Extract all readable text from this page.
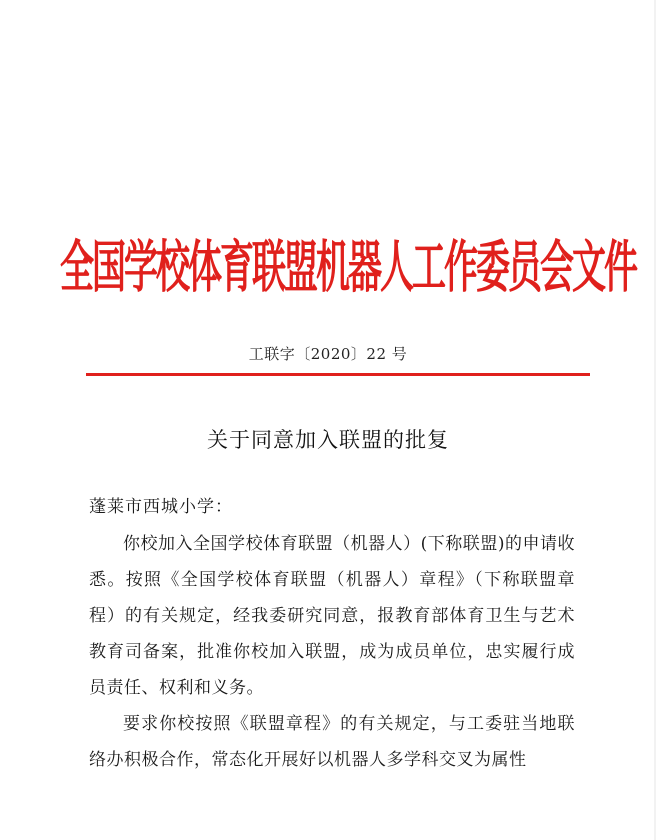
全国学校体育联盟机器人工作委员会文件
工联字〔2020〕22 号
关于同意加入联盟的批复
蓬莱市西城小学：

你校加入全国学校体育联盟（机器人）(下称联盟)的申请收悉。按照《全国学校体育联盟（机器人）章程》（下称联盟章程）的有关规定，经我委研究同意，报教育部体育卫生与艺术教育司备案，批准你校加入联盟，成为成员单位，忠实履行成员责任、权利和义务。

要求你校按照《联盟章程》的有关规定，与工委驻当地联络办积极合作，常态化开展好以机器人多学科交叉为属性
